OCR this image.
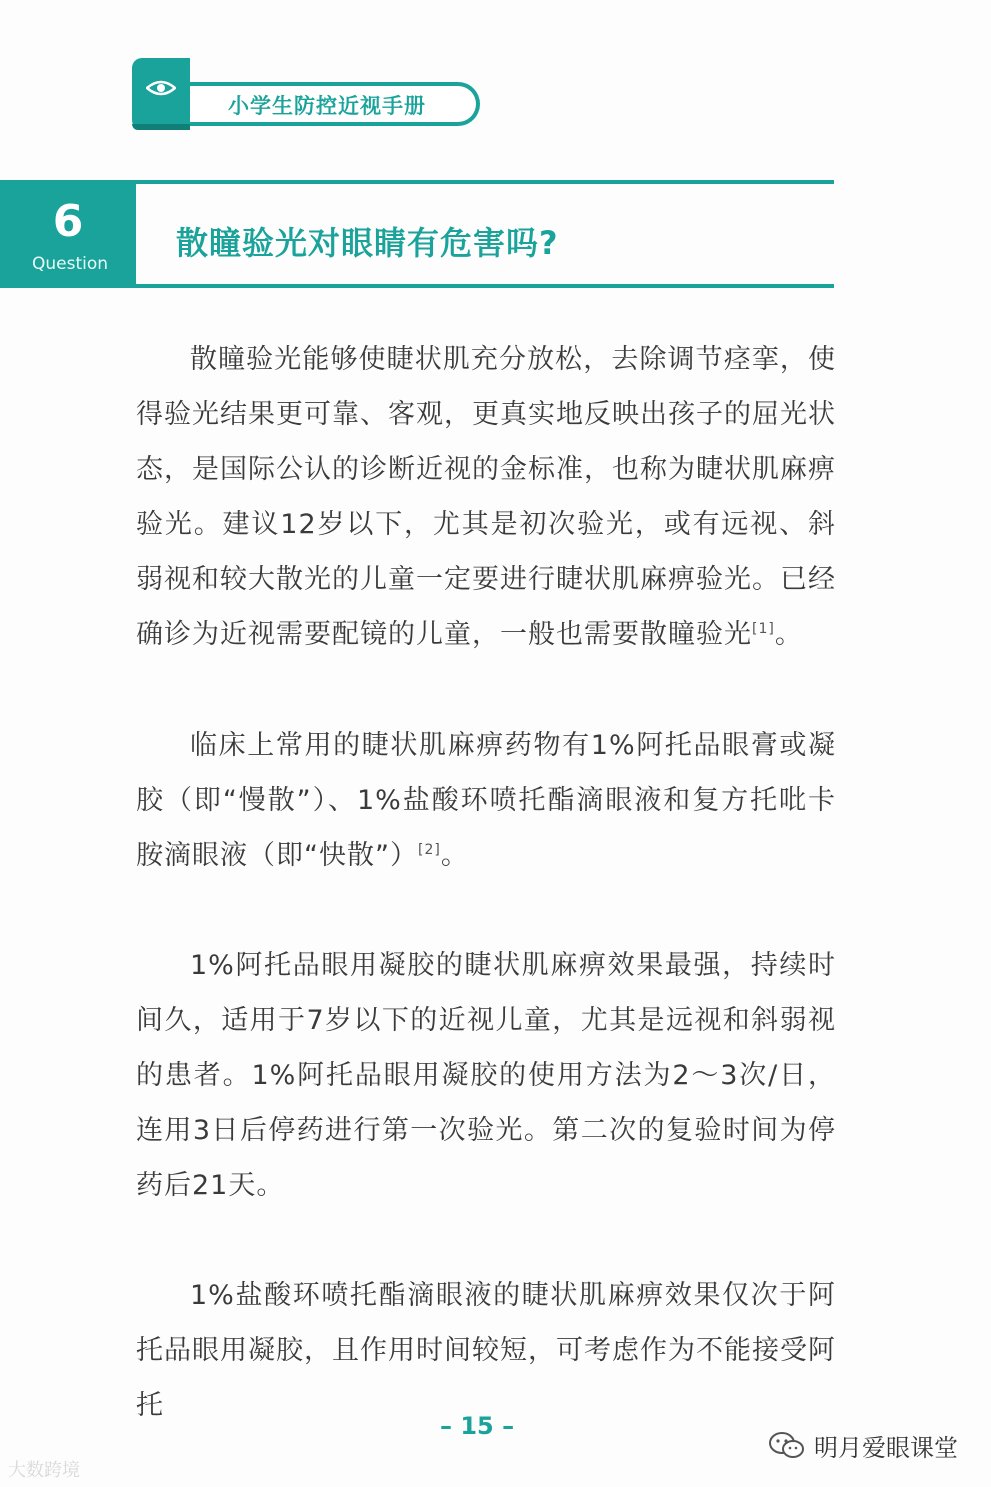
小学生防控近视手册
6
Question
散瞳验光对眼睛有危害吗?

散瞳验光能够使睫状肌充分放松，去除调节痉挛，使得验光结果更可靠、客观，更真实地反映出孩子的屈光状态，是国际公认的诊断近视的金标准，也称为睫状肌麻痹验光。建议12岁以下，尤其是初次验光，或有远视、斜弱视和较大散光的儿童一定要进行睫状肌麻痹验光。已经确诊为近视需要配镜的儿童，一般也需要散瞳验光[1]。

临床上常用的睫状肌麻痹药物有1%阿托品眼膏或凝胶（即“慢散”）、1%盐酸环喷托酯滴眼液和复方托吡卡胺滴眼液（即“快散”）[2]。

1%阿托品眼用凝胶的睫状肌麻痹效果最强，持续时间久，适用于7岁以下的近视儿童，尤其是远视和斜弱视的患者。1%阿托品眼用凝胶的使用方法为2～3次/日，连用3日后停药进行第一次验光。第二次的复验时间为停药后21天。

1%盐酸环喷托酯滴眼液的睫状肌麻痹效果仅次于阿托品眼用凝胶，且作用时间较短，可考虑作为不能接受阿托

– 15 –
大数跨境
明月爱眼课堂
